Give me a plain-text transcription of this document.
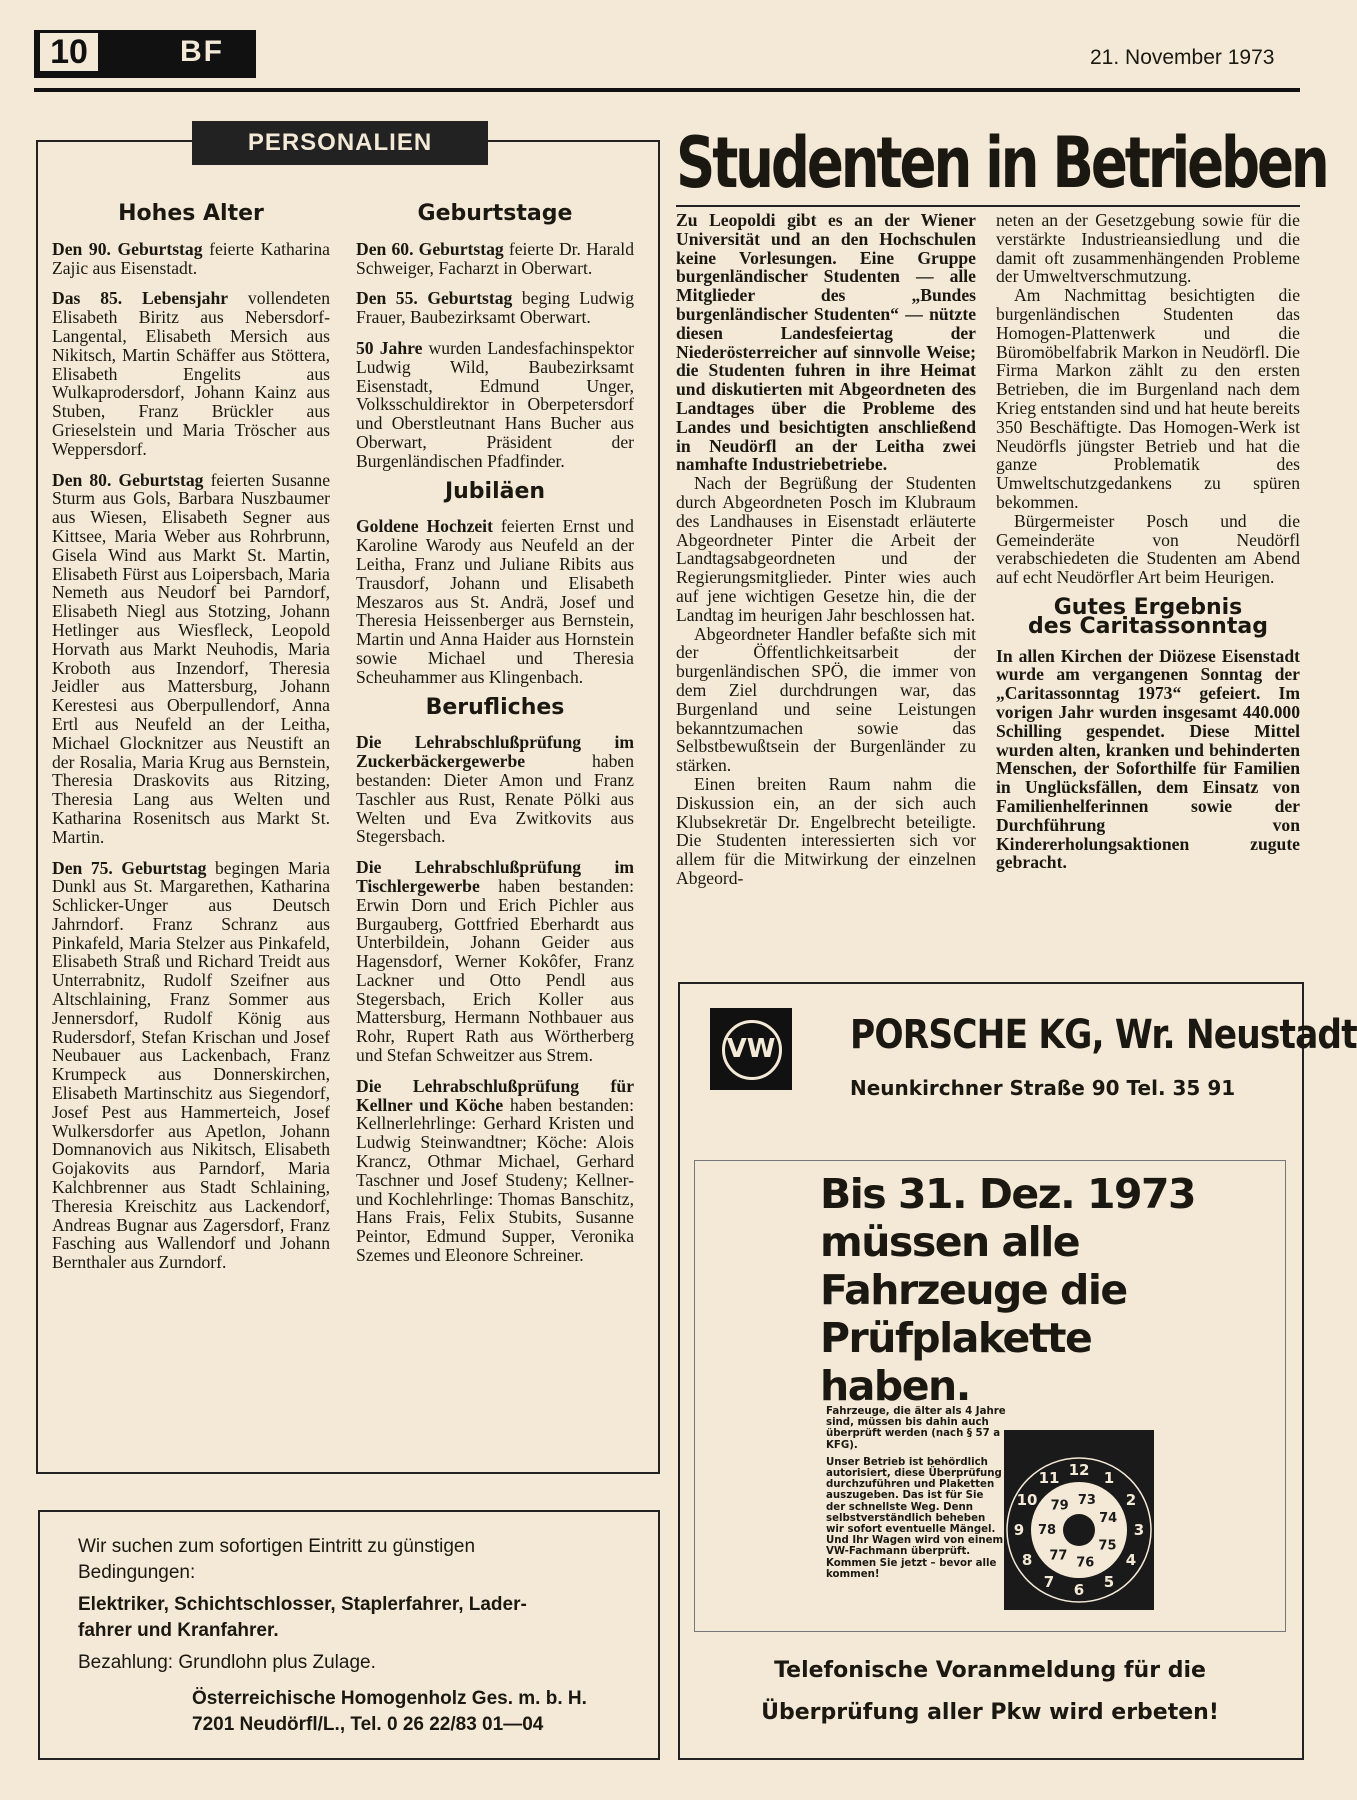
10	BF	21. November 1973
PERSONALIEN
Hohes Alter

Den 90. Geburtstag feierte Katharina Zajic aus Eisenstadt.

Das 85. Lebensjahr vollendeten Elisabeth Biritz aus Nebersdorf-Langental, Elisabeth Mersich aus Nikitsch, Martin Schäffer aus Stöttera, Elisabeth Engelits aus Wulkaprodersdorf, Johann Kainz aus Stuben, Franz Brückler aus Grieselstein und Maria Tröscher aus Weppersdorf.

Den 80. Geburtstag feierten Susanne Sturm aus Gols, Barbara Nuszbaumer aus Wiesen, Elisabeth Segner aus Kittsee, Maria Weber aus Rohrbrunn, Gisela Wind aus Markt St. Martin, Elisabeth Fürst aus Loipersbach, Maria Nemeth aus Neudorf bei Parndorf, Elisabeth Niegl aus Stotzing, Johann Hetlinger aus Wiesfleck, Leopold Horvath aus Markt Neuhodis, Maria Kroboth aus Inzendorf, Theresia Jeidler aus Mattersburg, Johann Kerestesi aus Oberpullendorf, Anna Ertl aus Neufeld an der Leitha, Michael Glocknitzer aus Neustift an der Rosalia, Maria Krug aus Bernstein, Theresia Draskovits aus Ritzing, Theresia Lang aus Welten und Katharina Rosenitsch aus Markt St. Martin.

Den 75. Geburtstag begingen Maria Dunkl aus St. Margarethen, Katharina Schlicker-Unger aus Deutsch Jahrndorf. Franz Schranz aus Pinkafeld, Maria Stelzer aus Pinkafeld, Elisabeth Straß und Richard Treidt aus Unterrabnitz, Rudolf Szeifner aus Altschlaining, Franz Sommer aus Jennersdorf, Rudolf König aus Rudersdorf, Stefan Krischan und Josef Neubauer aus Lackenbach, Franz Krumpeck aus Donnerskirchen, Elisabeth Martinschitz aus Siegendorf, Josef Pest aus Hammerteich, Josef Wulkersdorfer aus Apetlon, Johann Domnanovich aus Nikitsch, Elisabeth Gojakovits aus Parndorf, Maria Kalchbrenner aus Stadt Schlaining, Theresia Kreischitz aus Lackendorf, Andreas Bugnar aus Zagersdorf, Franz Fasching aus Wallendorf und Johann Bernthaler aus Zurndorf.

Geburtstage

Den 60. Geburtstag feierte Dr. Harald Schweiger, Facharzt in Oberwart.

Den 55. Geburtstag beging Ludwig Frauer, Baubezirksamt Oberwart.

50 Jahre wurden Landesfachinspektor Ludwig Wild, Baubezirksamt Eisenstadt, Edmund Unger, Volksschuldirektor in Oberpetersdorf und Oberstleutnant Hans Bucher aus Oberwart, Präsident der Burgenländischen Pfadfinder.

Jubiläen

Goldene Hochzeit feierten Ernst und Karoline Warody aus Neufeld an der Leitha, Franz und Juliane Ribits aus Trausdorf, Johann und Elisabeth Meszaros aus St. Andrä, Josef und Theresia Heissenberger aus Bernstein, Martin und Anna Haider aus Hornstein sowie Michael und Theresia Scheuhammer aus Klingenbach.

Berufliches

Die Lehrabschlußprüfung im Zuckerbäckergewerbe haben bestanden: Dieter Amon und Franz Taschler aus Rust, Renate Pölki aus Welten und Eva Zwitkovits aus Stegersbach.

Die Lehrabschlußprüfung im Tischlergewerbe haben bestanden: Erwin Dorn und Erich Pichler aus Burgauberg, Gottfried Eberhardt aus Unterbildein, Johann Geider aus Hagensdorf, Werner Kokôfer, Franz Lackner und Otto Pendl aus Stegersbach, Erich Koller aus Mattersburg, Hermann Nothbauer aus Rohr, Rupert Rath aus Wörtherberg und Stefan Schweitzer aus Strem.

Die Lehrabschlußprüfung für Kellner und Köche haben bestanden: Kellnerlehrlinge: Gerhard Kristen und Ludwig Steinwandtner; Köche: Alois Krancz, Othmar Michael, Gerhard Taschner und Josef Studeny; Kellner- und Kochlehrlinge: Thomas Banschitz, Hans Frais, Felix Stubits, Susanne Peintor, Edmund Supper, Veronika Szemes und Eleonore Schreiner.

Wir suchen zum sofortigen Eintritt zu günstigen
Bedingungen:
Elektriker, Schichtschlosser, Staplerfahrer, Lader-
fahrer und Kranfahrer.
Bezahlung: Grundlohn plus Zulage.
Österreichische Homogenholz Ges. m. b. H.
7201 Neudörfl/L., Tel. 0 26 22/83 01—04
Studenten in Betrieben

Zu Leopoldi gibt es an der Wiener Universität und an den Hochschulen keine Vorlesungen. Eine Gruppe burgenländischer Studenten — alle Mitglieder des „Bundes burgenländischer Studenten“ — nützte diesen Landesfeiertag der Niederösterreicher auf sinnvolle Weise; die Studenten fuhren in ihre Heimat und diskutierten mit Abgeordneten des Landtages über die Probleme des Landes und besichtigten anschließend in Neudörfl an der Leitha zwei namhafte Industriebetriebe.

Nach der Begrüßung der Studenten durch Abgeordneten Posch im Klubraum des Landhauses in Eisenstadt erläuterte Abgeordneter Pinter die Arbeit der Landtagsabgeordneten und der Regierungsmitglieder. Pinter wies auch auf jene wichtigen Gesetze hin, die der Landtag im heurigen Jahr beschlossen hat.

Abgeordneter Handler befaßte sich mit der Öffentlichkeitsarbeit der burgenländischen SPÖ, die immer von dem Ziel durchdrungen war, das Burgenland und seine Leistungen bekanntzumachen sowie das Selbstbewußtsein der Burgenländer zu stärken.

Einen breiten Raum nahm die Diskussion ein, an der sich auch Klubsekretär Dr. Engelbrecht beteiligte. Die Studenten interessierten sich vor allem für die Mitwirkung der einzelnen Abgeord-

neten an der Gesetzgebung sowie für die verstärkte Industrieansiedlung und die damit oft zusammenhängenden Probleme der Umweltverschmutzung.

Am Nachmittag besichtigten die burgenländischen Studenten das Homogen-Plattenwerk und die Büromöbelfabrik Markon in Neudörfl. Die Firma Markon zählt zu den ersten Betrieben, die im Burgenland nach dem Krieg entstanden sind und hat heute bereits 350 Beschäftigte. Das Homogen-Werk ist Neudörfls jüngster Betrieb und hat die ganze Problematik des Umweltschutzgedankens zu spüren bekommen.

Bürgermeister Posch und die Gemeinderäte von Neudörfl verabschiedeten die Studenten am Abend auf echt Neudörfler Art beim Heurigen.

Gutes Ergebnis
des Caritassonntag

In allen Kirchen der Diözese Eisenstadt wurde am vergangenen Sonntag der „Caritassonntag 1973“ gefeiert. Im vorigen Jahr wurden insgesamt 440.000 Schilling gespendet. Diese Mittel wurden alten, kranken und behinderten Menschen, der Soforthilfe für Familien in Unglücksfällen, dem Einsatz von Familienhelferinnen sowie der Durchführung von Kindererholungsaktionen zugute gebracht.

VW	PORSCHE KG, Wr. Neustadt
Neunkirchner Straße 90 Tel. 35 91
Bis 31. Dez. 1973
müssen alle
Fahrzeuge die
Prüfplakette
haben.
Fahrzeuge, die älter als 4 Jahre sind, müssen bis dahin auch überprüft werden (nach § 57 a KFG).
Unser Betrieb ist behördlich autorisiert, diese Überprüfung durchzuführen und Plaketten auszugeben. Das ist für Sie der schnellste Weg. Denn selbstverständlich beheben wir sofort eventuelle Mängel. Und Ihr Wagen wird von einem VW-Fachmann überprüft. Kommen Sie jetzt – bevor alle kommen!
12 1
2
3
4
5
6
7
8
9
10
11
73
74
75
76
77
78
79
Telefonische Voranmeldung für die
Überprüfung aller Pkw wird erbeten!
